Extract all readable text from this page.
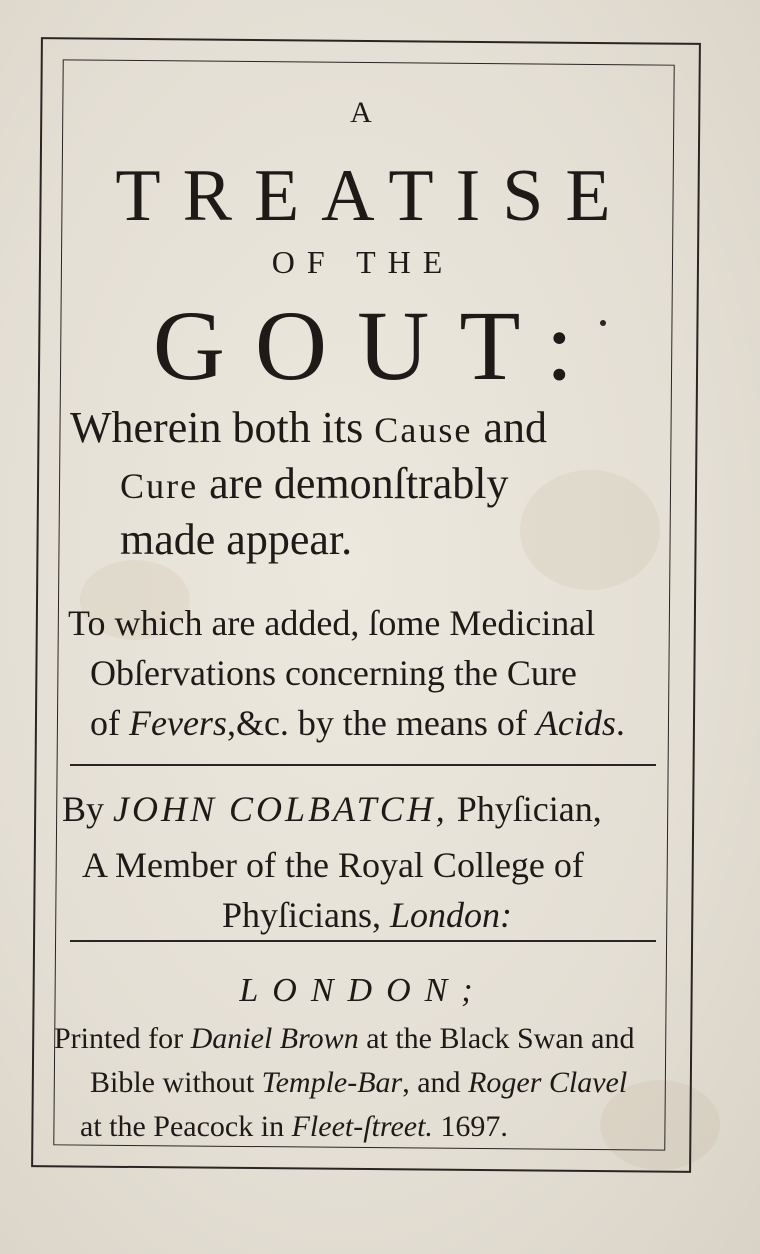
A
TREATISE
OF THE
GOUT:
Wherein both its Cause and
Cure are demonſtrably
made appear.
To which are added, ſome Medicinal
Obſervations concerning the Cure
of Fevers,&c. by the means of Acids.
By JOHN COLBATCH, Phyſician,
A Member of the Royal College of
Phyſicians, London:
LONDON;
Printed for Daniel Brown at the Black Swan and
Bible without Temple-Bar, and Roger Clavel
at the Peacock in Fleet-ſtreet. 1697.
